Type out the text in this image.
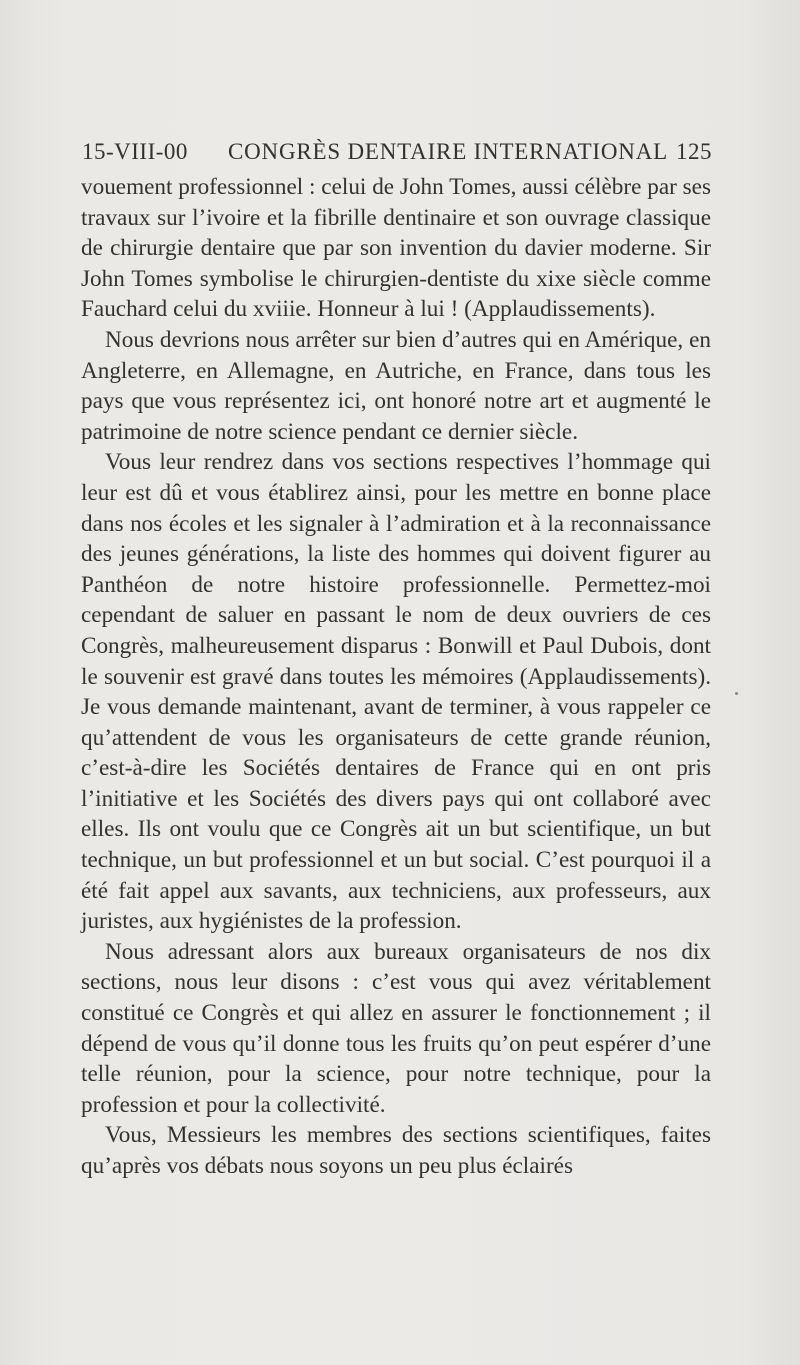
15-VIII-00 CONGRÈS DENTAIRE INTERNATIONAL 125

vouement professionnel : celui de John Tomes, aussi célèbre par ses travaux sur l’ivoire et la fibrille dentinaire et son ouvrage classique de chirurgie dentaire que par son invention du davier moderne. Sir John Tomes symbolise le chirurgien-dentiste du xixe siècle comme Fauchard celui du xviiie. Honneur à lui ! (Applaudissements).

Nous devrions nous arrêter sur bien d’autres qui en Amérique, en Angleterre, en Allemagne, en Autriche, en France, dans tous les pays que vous représentez ici, ont honoré notre art et augmenté le patrimoine de notre science pendant ce dernier siècle.

Vous leur rendrez dans vos sections respectives l’hommage qui leur est dû et vous établirez ainsi, pour les mettre en bonne place dans nos écoles et les signaler à l’admiration et à la reconnaissance des jeunes générations, la liste des hommes qui doivent figurer au Panthéon de notre histoire professionnelle. Permettez-moi cependant de saluer en passant le nom de deux ouvriers de ces Congrès, malheureusement disparus : Bonwill et Paul Dubois, dont le souvenir est gravé dans toutes les mémoires (Applaudissements). Je vous demande maintenant, avant de terminer, à vous rappeler ce qu’attendent de vous les organisateurs de cette grande réunion, c’est-à-dire les Sociétés dentaires de France qui en ont pris l’initiative et les Sociétés des divers pays qui ont collaboré avec elles. Ils ont voulu que ce Congrès ait un but scientifique, un but technique, un but professionnel et un but social. C’est pourquoi il a été fait appel aux savants, aux techniciens, aux professeurs, aux juristes, aux hygiénistes de la profession.

Nous adressant alors aux bureaux organisateurs de nos dix sections, nous leur disons : c’est vous qui avez véritablement constitué ce Congrès et qui allez en assurer le fonctionnement ; il dépend de vous qu’il donne tous les fruits qu’on peut espérer d’une telle réunion, pour la science, pour notre technique, pour la profession et pour la collectivité.

Vous, Messieurs les membres des sections scientifiques, faites qu’après vos débats nous soyons un peu plus éclairés
